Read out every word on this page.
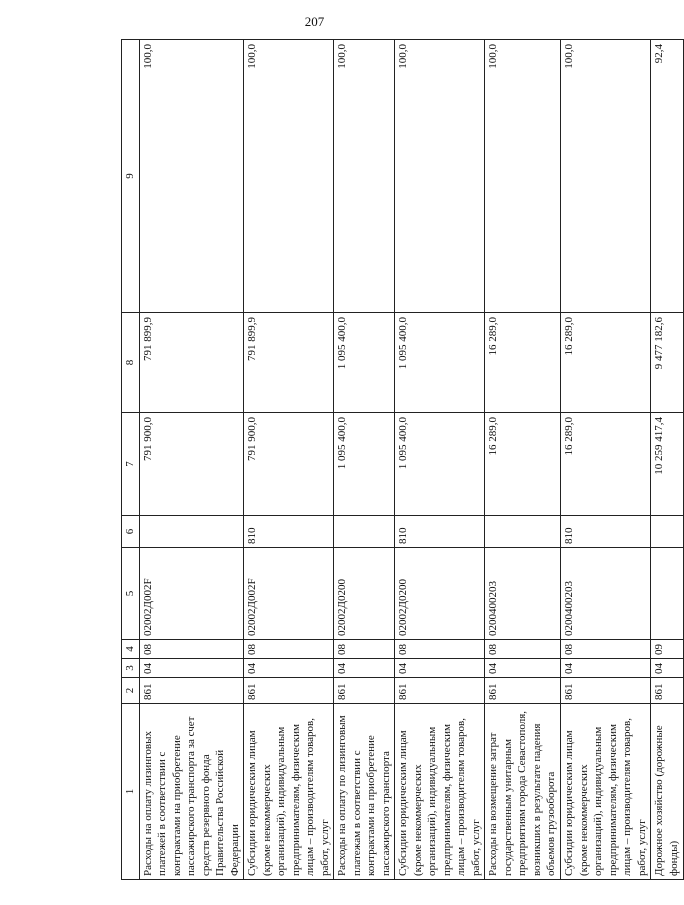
207
1	2	3	4	5	6	7	8	9
Расходы на оплату лизинговых платежей в соответствии с контрактами на приобретение пассажирского транспорта за счет средств резервного фонда Правительства Российской Федерации	861	04	08	02002Д002F		791 900,0	791 899,9	100,0
Субсидии юридическим лицам (кроме некоммерческих организаций), индивидуальным предпринимателям, физическим лицам – производителям товаров, работ, услуг	861	04	08	02002Д002F	810	791 900,0	791 899,9	100,0
Расходы на оплату по лизинговым платежам в соответствии с контрактами на приобретение пассажирского транспорта	861	04	08	02002Д0200		1 095 400,0	1 095 400,0	100,0
Субсидии юридическим лицам (кроме некоммерческих организаций), индивидуальным предпринимателям, физическим лицам – производителям товаров, работ, услуг	861	04	08	02002Д0200	810	1 095 400,0	1 095 400,0	100,0
Расходы на возмещение затрат государственным унитарным предприятиям города Севастополя, возникших в результате падения объемов грузооборота	861	04	08	0200400203		16 289,0	16 289,0	100,0
Субсидии юридическим лицам (кроме некоммерческих организаций), индивидуальным предпринимателям, физическим лицам – производителям товаров, работ, услуг	861	04	08	0200400203	810	16 289,0	16 289,0	100,0
Дорожное хозяйство (дорожные фонды)	861	04	09			10 259 417,4	9 477 182,6	92,4
